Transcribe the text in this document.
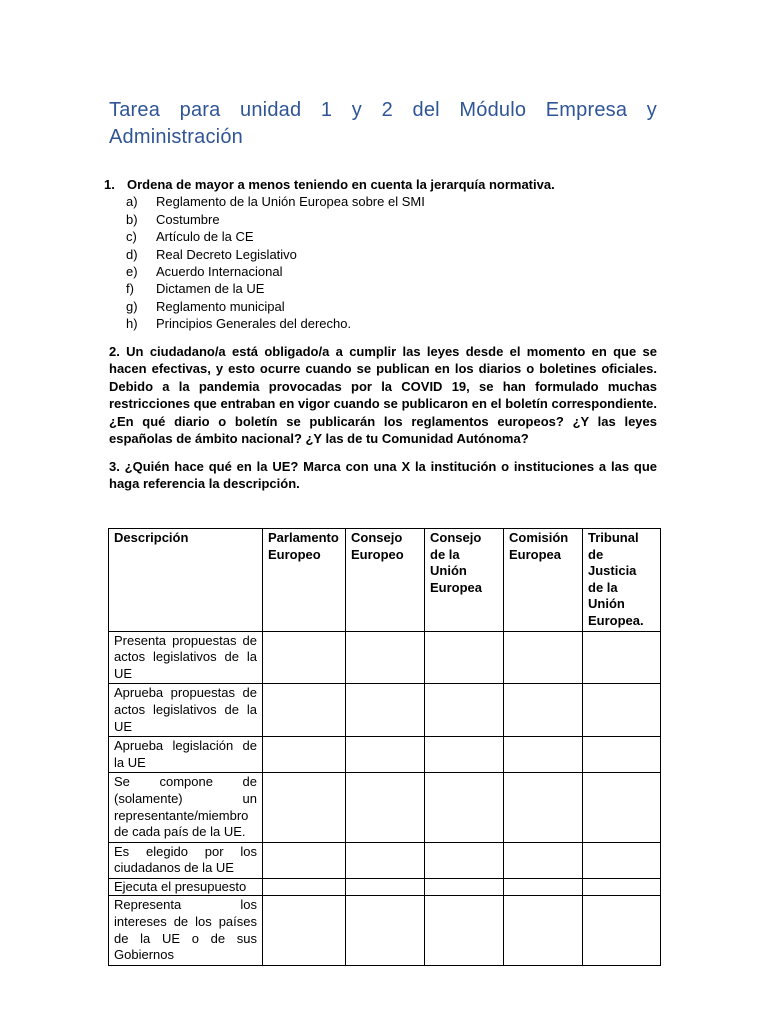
Tarea para unidad 1 y 2 del Módulo Empresa y Administración
1. Ordena de mayor a menos teniendo en cuenta la jerarquía normativa.
a)	Reglamento de la Unión Europea sobre el SMI
b)	Costumbre
c)	Artículo de la CE
d)	Real Decreto Legislativo
e)	Acuerdo Internacional
f)	Dictamen de la UE
g)	Reglamento municipal
h)	Principios Generales del derecho.
2. Un ciudadano/a está obligado/a a cumplir las leyes desde el momento en que se hacen efectivas, y esto ocurre cuando se publican en los diarios o boletines oficiales. Debido a la pandemia provocadas por la COVID 19, se han formulado muchas restricciones que entraban en vigor cuando se publicaron en el boletín correspondiente. ¿En qué diario o boletín se publicarán los reglamentos europeos? ¿Y las leyes españolas de ámbito nacional? ¿Y las de tu Comunidad Autónoma?
3. ¿Quién hace qué en la UE? Marca con una X la institución o instituciones a las que haga referencia la descripción.
Descripción	Parlamento Europeo	Consejo Europeo	Consejo de la Unión Europea	Comisión Europea	Tribunal de Justicia de la Unión Europea.
Presenta propuestas de actos legislativos de la UE					
Aprueba propuestas de actos legislativos de la UE					
Aprueba legislación de la UE					
Se compone de (solamente) un representante/miembro de cada país de la UE.					
Es elegido por los ciudadanos de la UE					
Ejecuta el presupuesto					
Representa los intereses de los países de la UE o de sus Gobiernos					
